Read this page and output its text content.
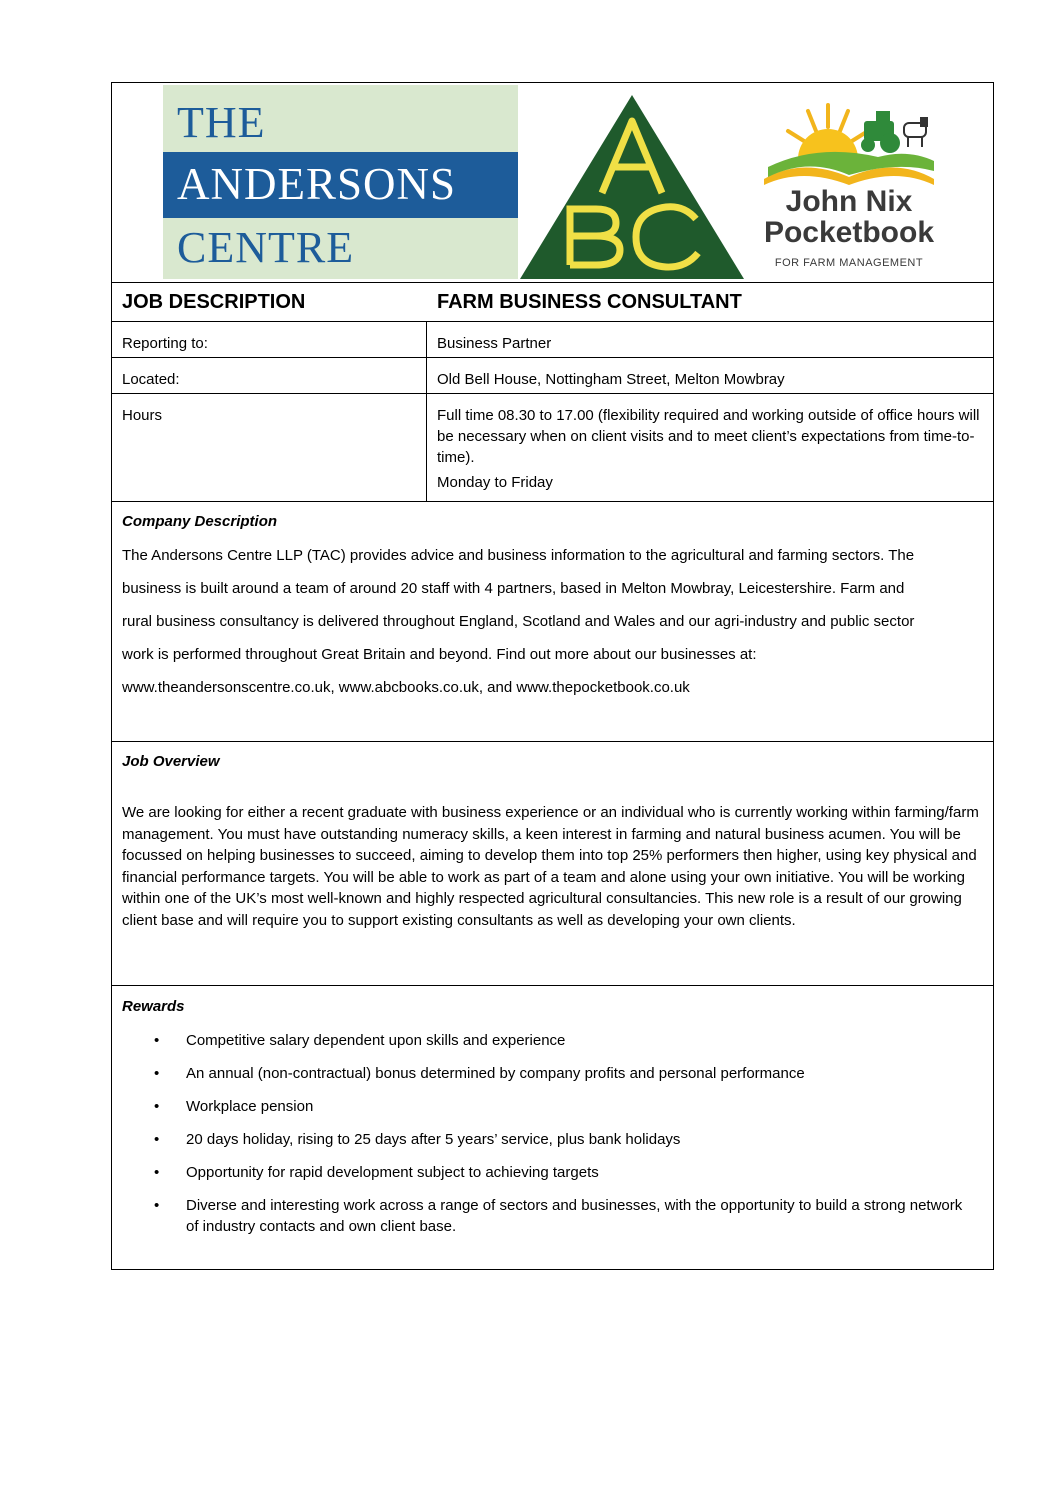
THE
ANDERSONS
CENTRE
John Nix
Pocketbook
FOR FARM MANAGEMENT
JOB DESCRIPTION	FARM BUSINESS CONSULTANT
Reporting to:	Business Partner
Located:	Old Bell House, Nottingham Street, Melton Mowbray
Hours	Full time 08.30 to 17.00 (flexibility required and working outside of office hours will be necessary when on client visits and to meet client’s expectations from time-to-time).
Monday to Friday
Company Description
The Andersons Centre LLP (TAC) provides advice and business information to the agricultural and farming sectors. The
business is built around a team of around 20 staff with 4 partners, based in Melton Mowbray, Leicestershire. Farm and
rural business consultancy is delivered throughout England, Scotland and Wales and our agri-industry and public sector
work is performed throughout Great Britain and beyond. Find out more about our businesses at:
www.theandersonscentre.co.uk, www.abcbooks.co.uk, and www.thepocketbook.co.uk
Job Overview
We are looking for either a recent graduate with business experience or an individual who is currently working within farming/farm management. You must have outstanding numeracy skills, a keen interest in farming and natural business acumen. You will be focussed on helping businesses to succeed, aiming to develop them into top 25% performers then higher, using key physical and financial performance targets. You will be able to work as part of a team and alone using your own initiative. You will be working within one of the UK’s most well-known and highly respected agricultural consultancies. This new role is a result of our growing client base and will require you to support existing consultants as well as developing your own clients.
Rewards
• Competitive salary dependent upon skills and experience
• An annual (non-contractual) bonus determined by company profits and personal performance
• Workplace pension
• 20 days holiday, rising to 25 days after 5 years’ service, plus bank holidays
• Opportunity for rapid development subject to achieving targets
• Diverse and interesting work across a range of sectors and businesses, with the opportunity to build a strong network of industry contacts and own client base.
